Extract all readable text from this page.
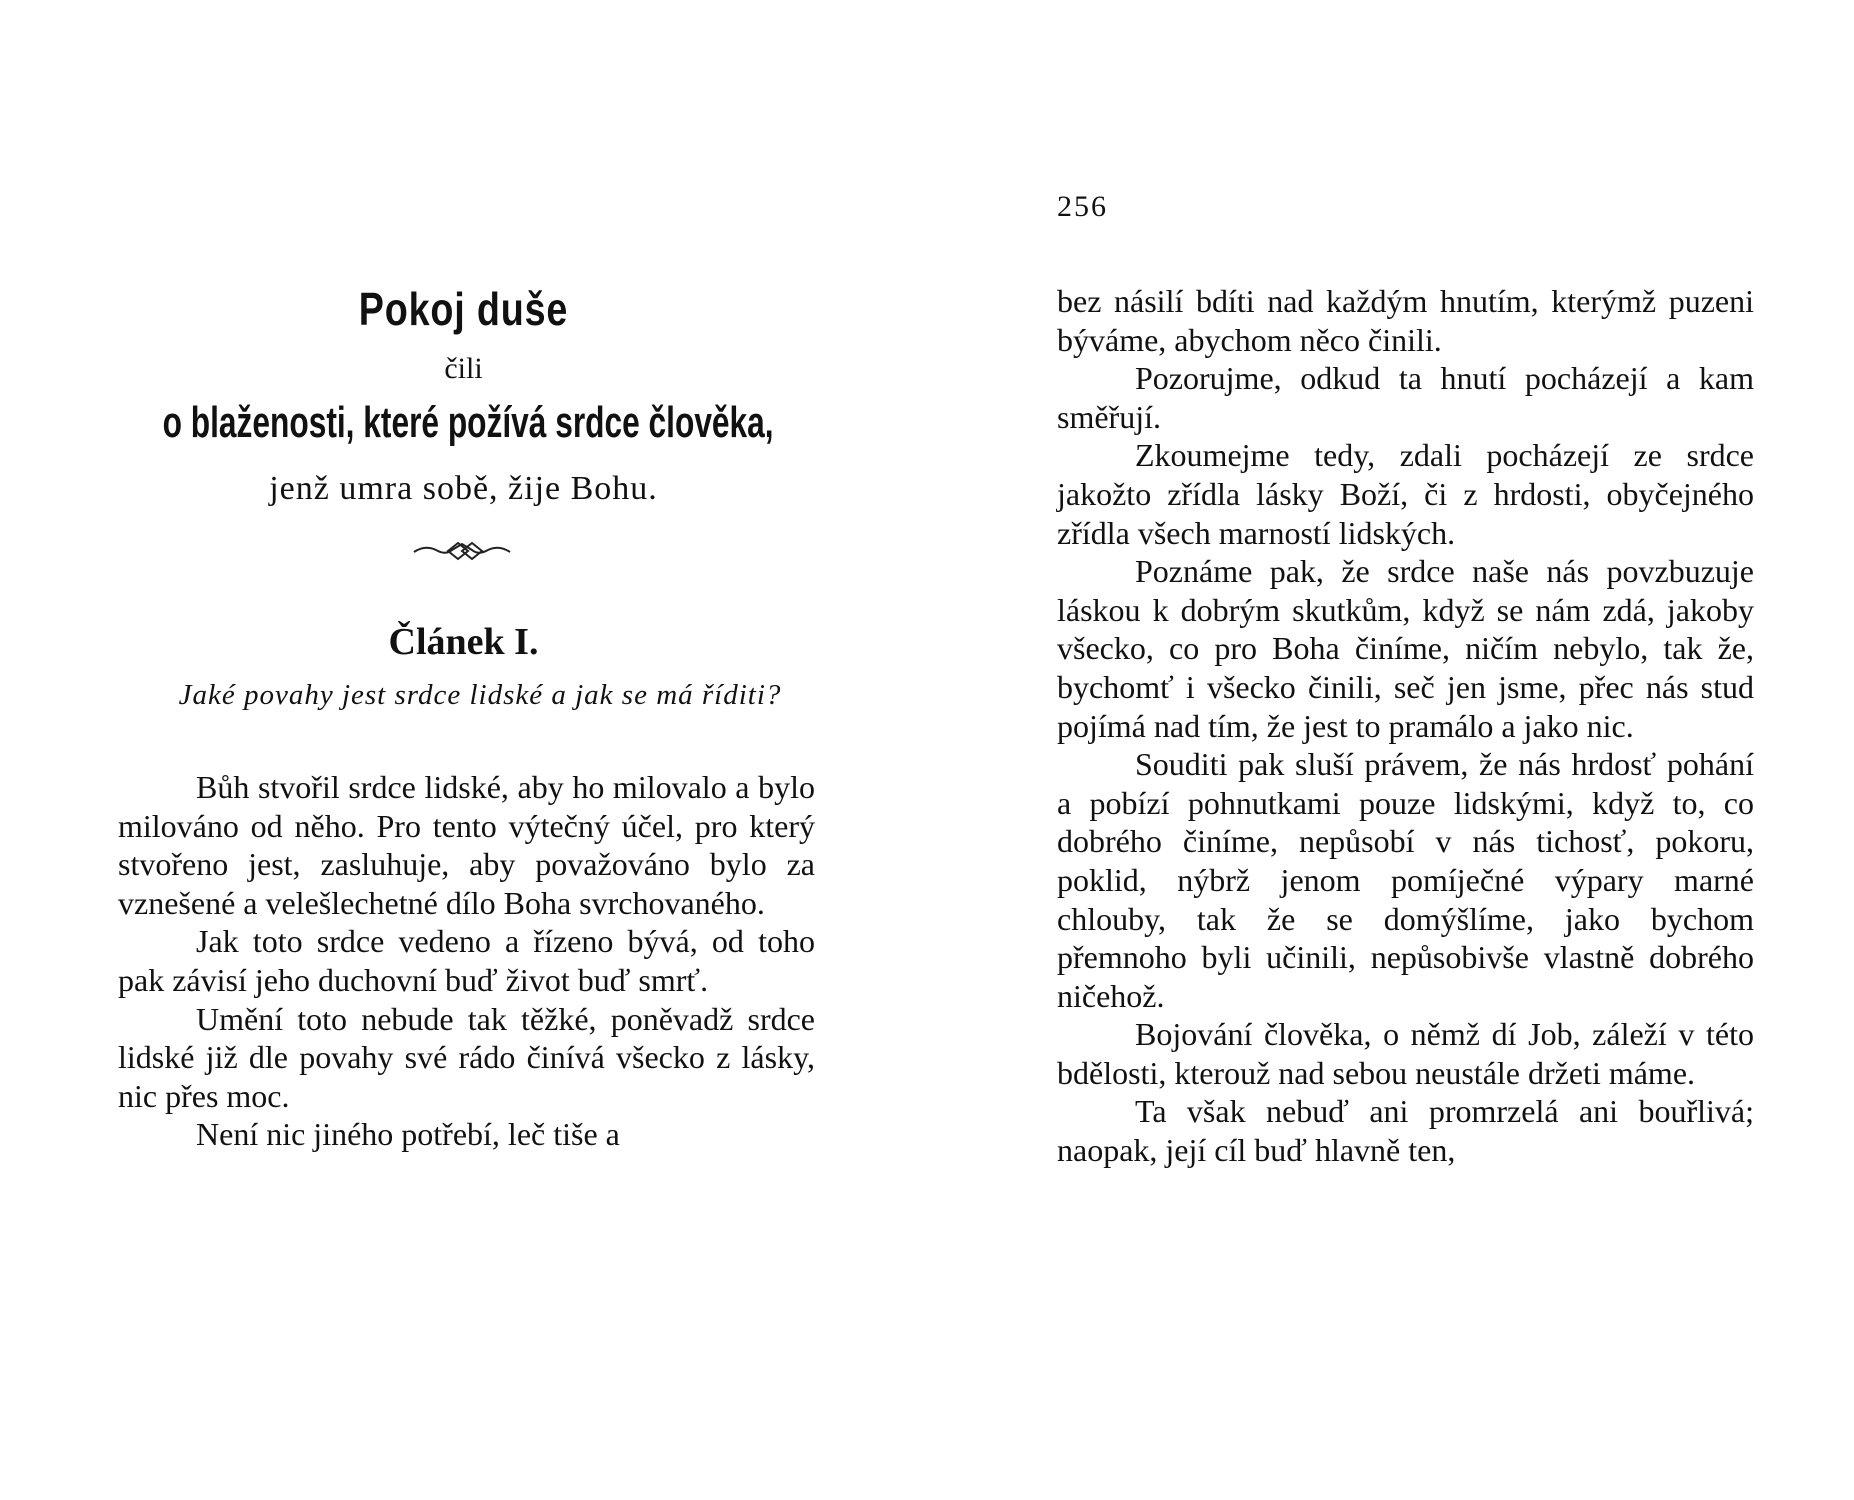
Pokoj duše
čili
o blaženosti, které požívá srdce člověka,
jenž umra sobě, žije Bohu.
Článek I.
Jaké povahy jest srdce lidské a jak se má říditi?

Bůh stvořil srdce lidské, aby ho milovalo a bylo milováno od něho. Pro tento výtečný účel, pro který stvořeno jest, zasluhuje, aby považováno bylo za vznešené a velešlechetné dílo Boha svrchovaného.

Jak toto srdce vedeno a řízeno bývá, od toho pak závisí jeho duchovní buď život buď smrť.

Umění toto nebude tak těžké, poněvadž srdce lidské již dle povahy své rádo činívá všecko z lásky, nic přes moc.

Není nic jiného potřebí, leč tiše a

256

bez násilí bdíti nad každým hnutím, kterýmž puzeni býváme, abychom něco činili.

Pozorujme, odkud ta hnutí pocházejí a kam směřují.

Zkoumejme tedy, zdali pocházejí ze srdce jakožto zřídla lásky Boží, či z hrdosti, obyčejného zřídla všech marností lidských.

Poznáme pak, že srdce naše nás povzbuzuje láskou k dobrým skutkům, když se nám zdá, jakoby všecko, co pro Boha činíme, ničím nebylo, tak že, bychomť i všecko činili, seč jen jsme, přec nás stud pojímá nad tím, že jest to pramálo a jako nic.

Souditi pak sluší právem, že nás hrdosť pohání a pobízí pohnutkami pouze lidskými, když to, co dobrého činíme, nepůsobí v nás tichosť, pokoru, poklid, nýbrž jenom pomíječné výpary marné chlouby, tak že se domýšlíme, jako bychom přemnoho byli učinili, nepůsobivše vlastně dobrého ničehož.

Bojování člověka, o němž dí Job, záleží v této bdělosti, kterouž nad sebou neustále držeti máme.

Ta však nebuď ani promrzelá ani bouřlivá; naopak, její cíl buď hlavně ten,
